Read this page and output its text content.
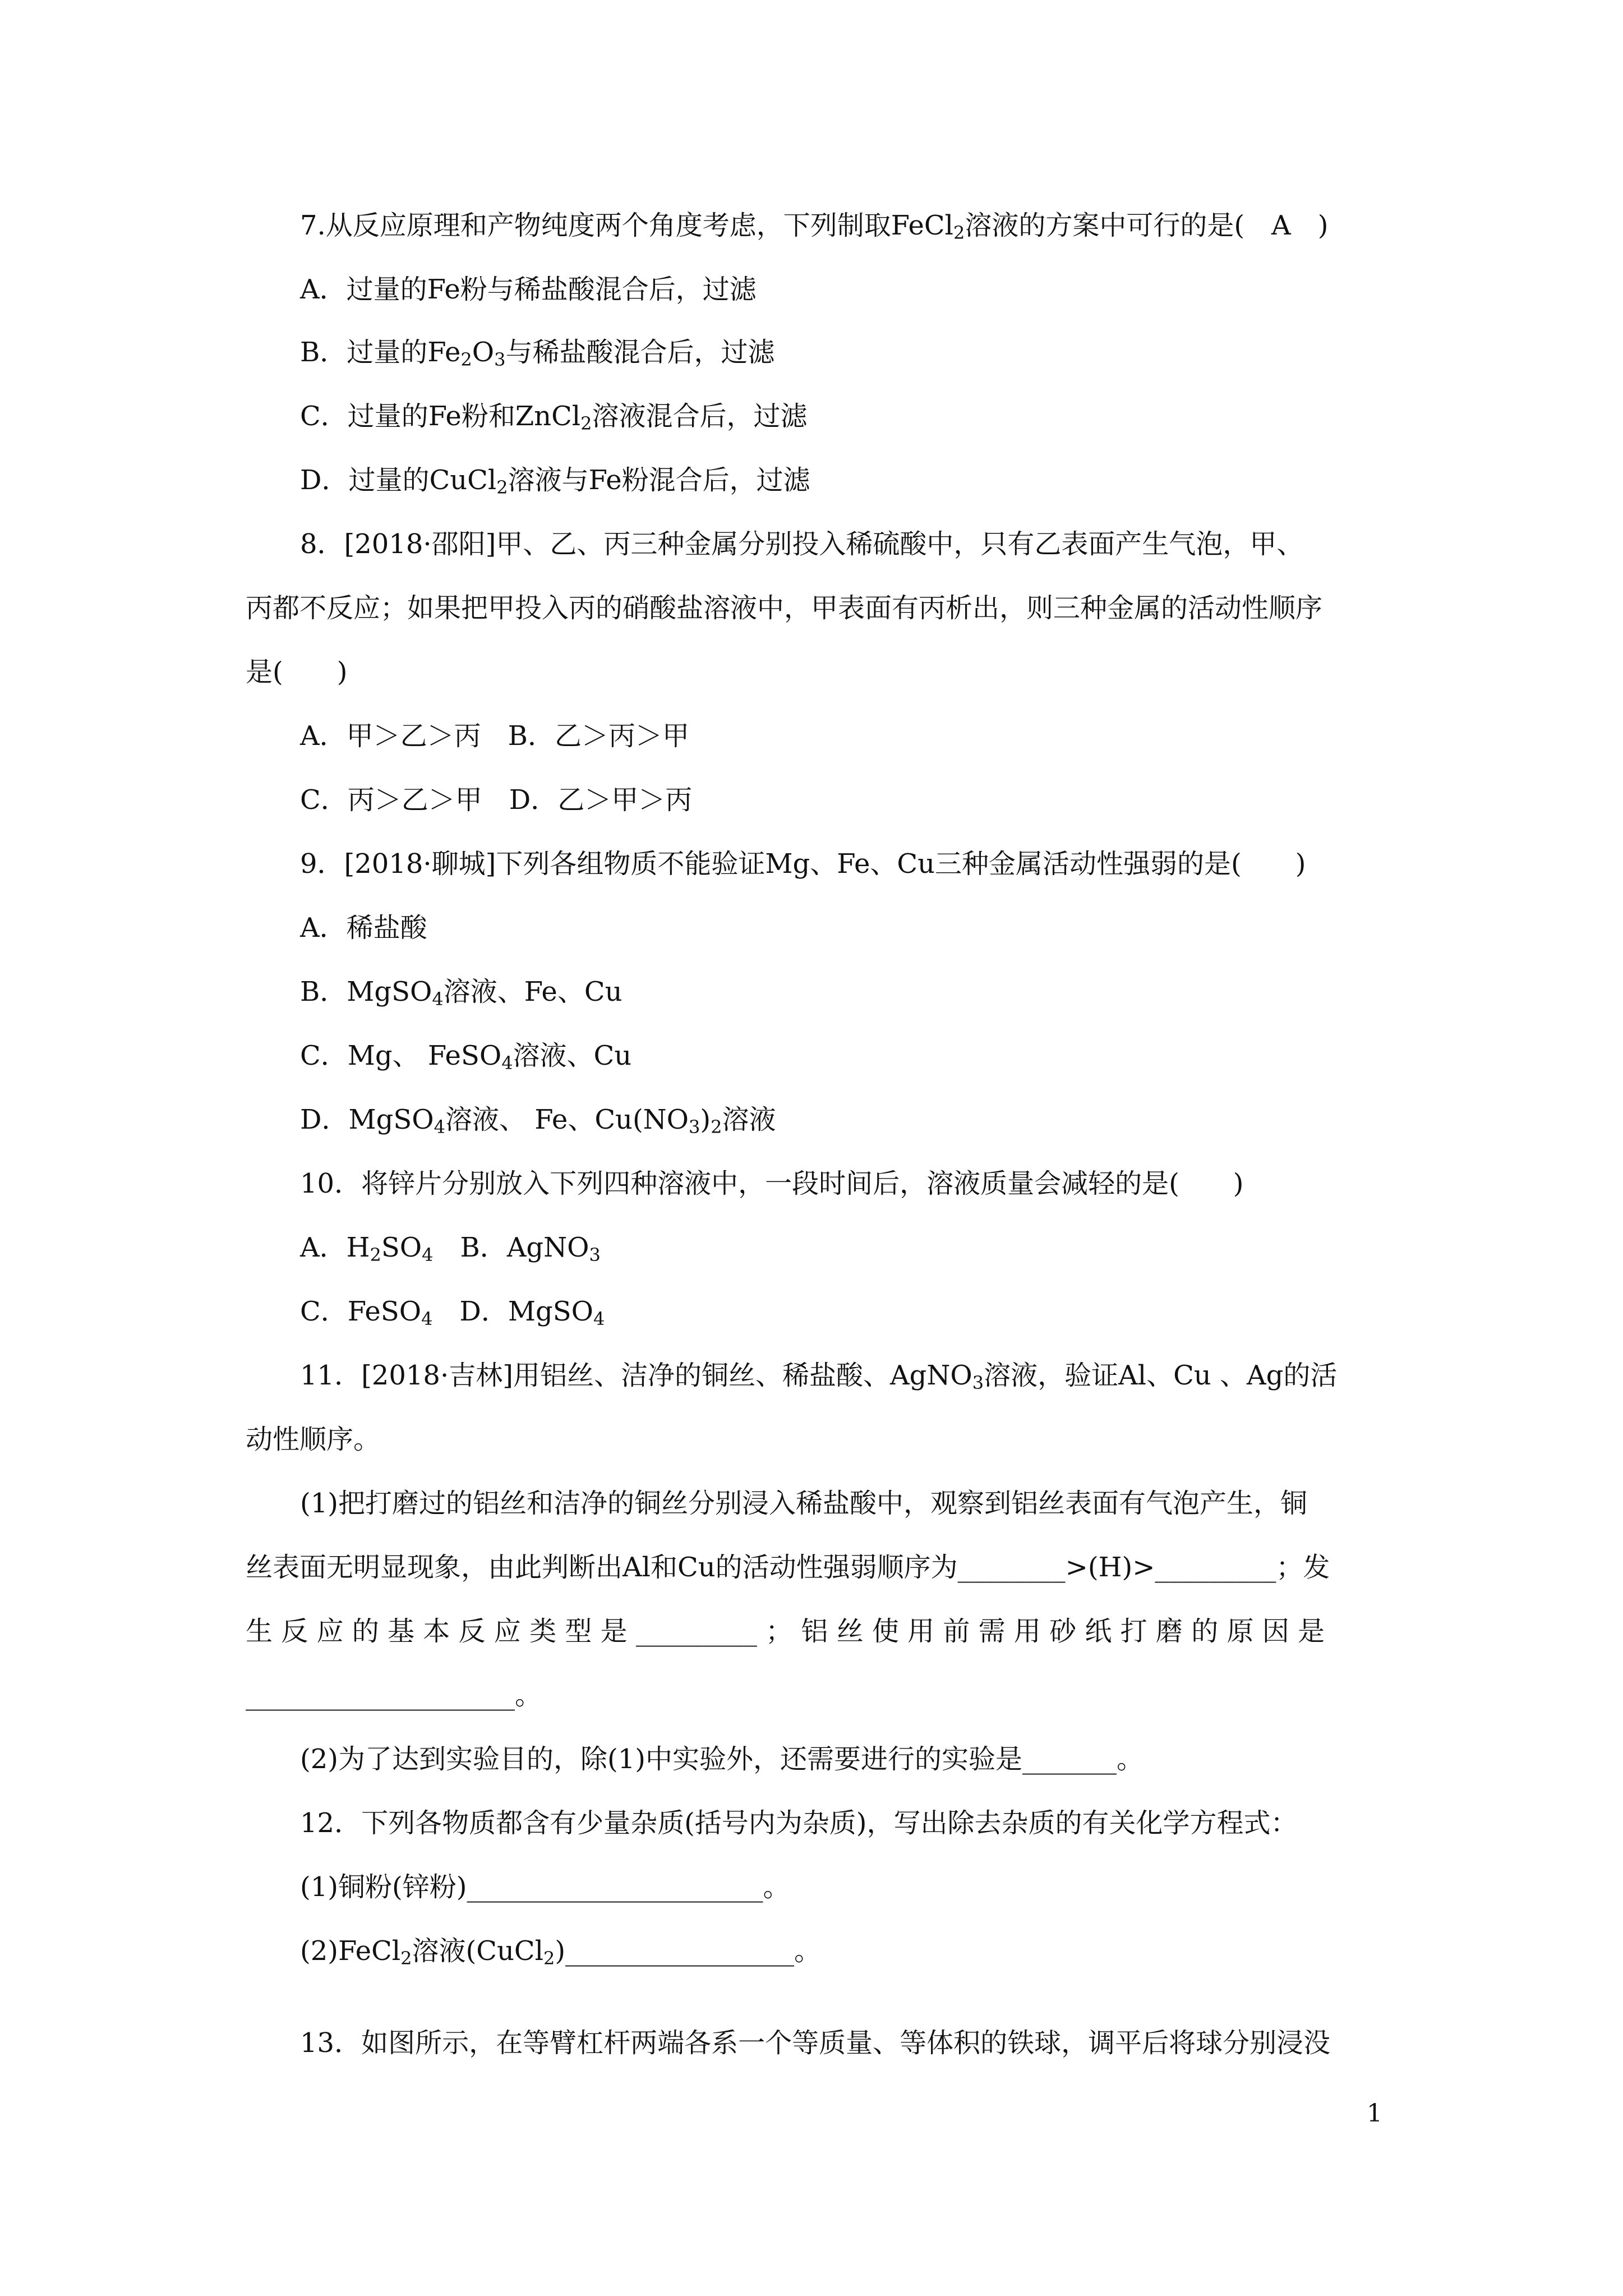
7.从反应原理和产物纯度两个角度考虑，下列制取FeCl$_2$溶液的方案中可行的是(　A　)
A．过量的Fe粉与稀盐酸混合后，过滤
B．过量的$Fe_2O_3$与稀盐酸混合后，过滤
C．过量的Fe粉和ZnCl$_2$溶液混合后，过滤
D．过量的CuCl$_2$溶液与Fe粉混合后，过滤
8．[2018·邵阳]甲、乙、丙三种金属分别投入稀硫酸中，只有乙表面产生气泡，甲、
丙都不反应；如果把甲投入丙的硝酸盐溶液中，甲表面有丙析出，则三种金属的活动性顺序
是(　　)
A．甲＞乙＞丙　B．乙＞丙＞甲
C．丙＞乙＞甲　D．乙＞甲＞丙
9．[2018·聊城]下列各组物质不能验证Mg、Fe、Cu三种金属活动性强弱的是(　　)
A．稀盐酸
B．MgSO$_4$溶液、Fe、Cu
C．Mg、 FeSO$_4$溶液、Cu
D．MgSO$_4$溶液、 Fe、$Cu(NO_3)_2$溶液
10．将锌片分别放入下列四种溶液中，一段时间后，溶液质量会减轻的是(　　)
A．$H_2SO_4$　B．AgNO$_3$
C．FeSO$_4$　D．MgSO$_4$
11．[2018·吉林]用铝丝、洁净的铜丝、稀盐酸、AgNO$_3$溶液，验证Al、Cu 、Ag的活
动性顺序。
(1)把打磨过的铝丝和洁净的铜丝分别浸入稀盐酸中，观察到铝丝表面有气泡产生，铜
丝表面无明显现象，由此判断出Al和Cu的活动性强弱顺序为________>(H)>_________；发
生 反 应 的 基 本 反 应 类 型 是 _________ ； 铝 丝 使 用 前 需 用 砂 纸 打 磨 的 原 因 是
____________________。
(2)为了达到实验目的，除(1)中实验外，还需要进行的实验是_______。
12．下列各物质都含有少量杂质(括号内为杂质)，写出除去杂质的有关化学方程式：
(1)铜粉(锌粉)______________________。
(2)FeCl$_2$溶液(CuCl$_2$)_________________。
13．如图所示，在等臂杠杆两端各系一个等质量、等体积的铁球，调平后将球分别浸没
1
